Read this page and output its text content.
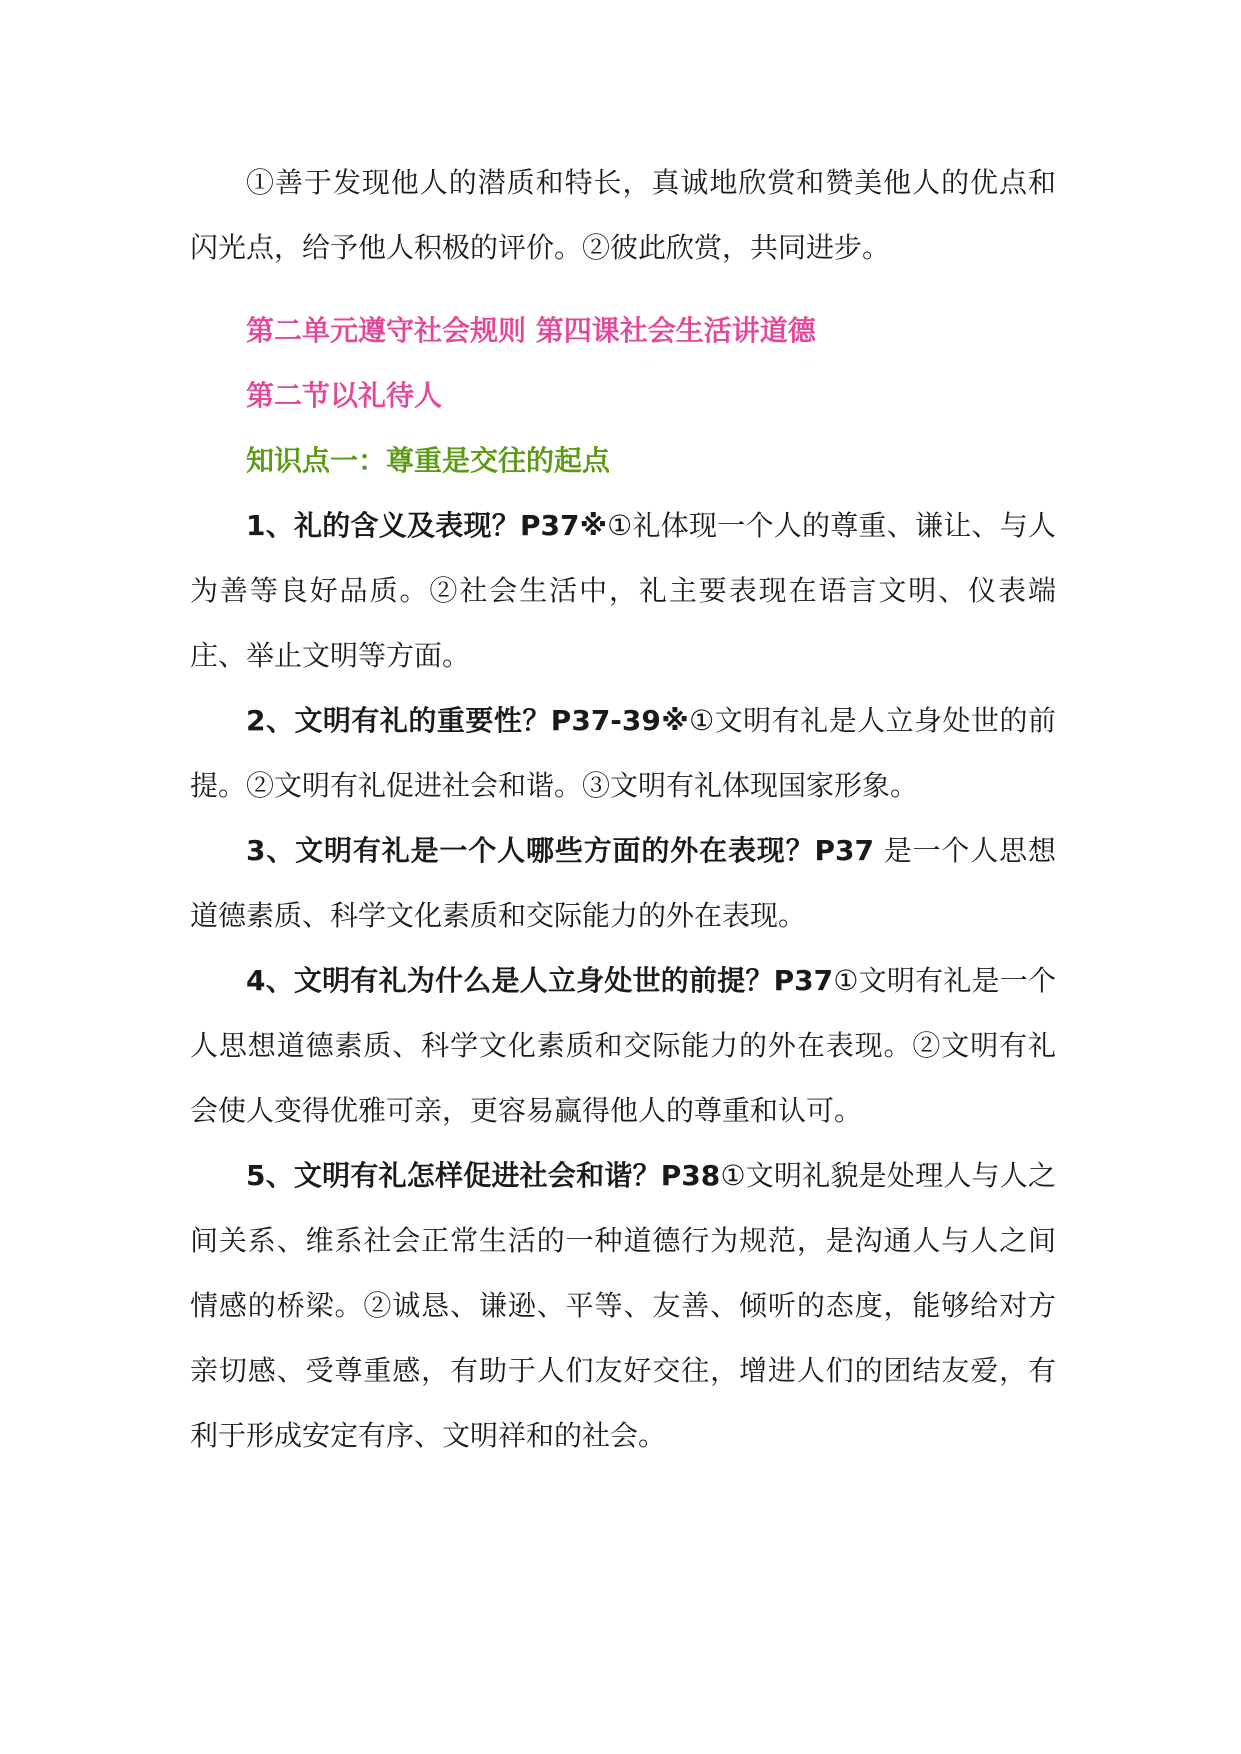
①善于发现他人的潜质和特长，真诚地欣赏和赞美他人的优点和闪光点，给予他人积极的评价。②彼此欣赏，共同进步。

第二单元遵守社会规则 第四课社会生活讲道德

第二节以礼待人

知识点一：尊重是交往的起点

1、礼的含义及表现？P37※①礼体现一个人的尊重、谦让、与人为善等良好品质。②社会生活中，礼主要表现在语言文明、仪表端庄、举止文明等方面。

2、文明有礼的重要性？P37-39※①文明有礼是人立身处世的前提。②文明有礼促进社会和谐。③文明有礼体现国家形象。

3、文明有礼是一个人哪些方面的外在表现？P37 是一个人思想道德素质、科学文化素质和交际能力的外在表现。

4、文明有礼为什么是人立身处世的前提？P37①文明有礼是一个人思想道德素质、科学文化素质和交际能力的外在表现。②文明有礼会使人变得优雅可亲，更容易赢得他人的尊重和认可。

5、文明有礼怎样促进社会和谐？P38①文明礼貌是处理人与人之间关系、维系社会正常生活的一种道德行为规范，是沟通人与人之间情感的桥梁。②诚恳、谦逊、平等、友善、倾听的态度，能够给对方亲切感、受尊重感，有助于人们友好交往，增进人们的团结友爱，有利于形成安定有序、文明祥和的社会。
